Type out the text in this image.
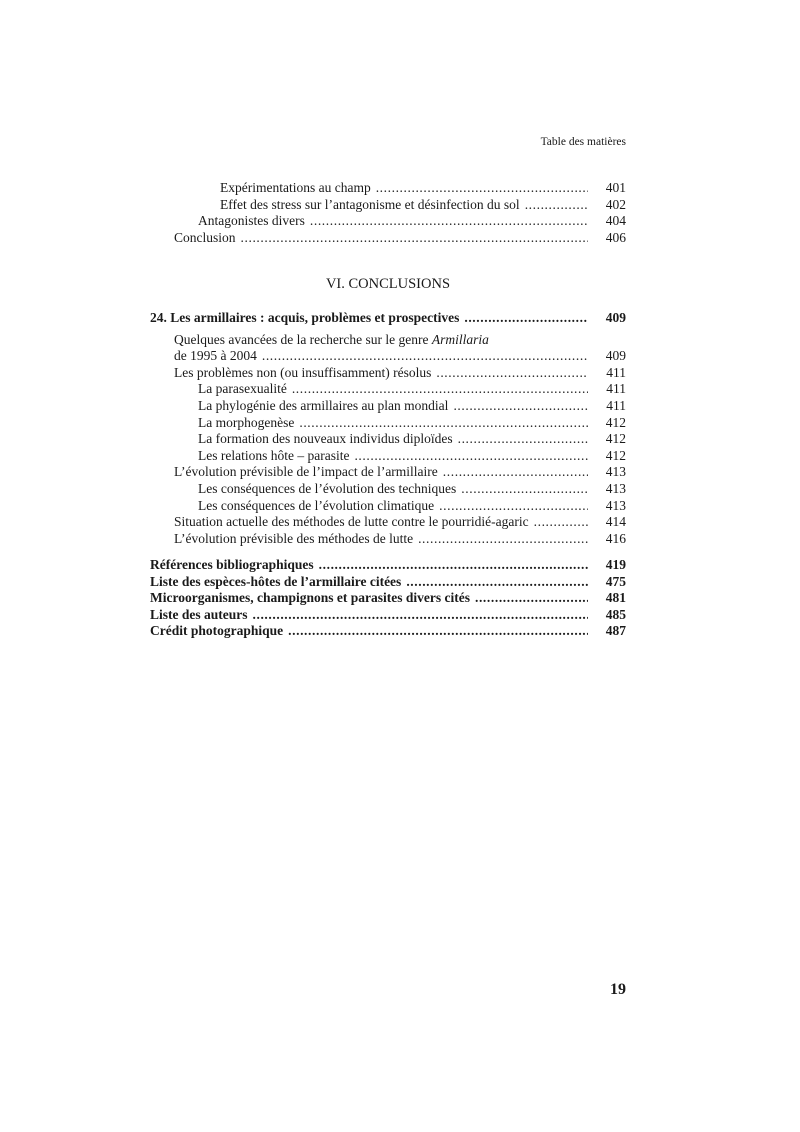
Table des matières
Expérimentations au champ .....	401
Effet des stress sur l’antagonisme et désinfection du sol .....	402
Antagonistes divers .....	404
Conclusion .....	406
VI. CONCLUSIONS
24. Les armillaires : acquis, problèmes et prospectives .....	409
Quelques avancées de la recherche sur le genre Armillaria
de 1995 à 2004 .....	409
Les problèmes non (ou insuffisamment) résolus .....	411
La parasexualité .....	411
La phylogénie des armillaires au plan mondial .....	411
La morphogenèse .....	412
La formation des nouveaux individus diploïdes .....	412
Les relations hôte – parasite .....	412
L’évolution prévisible de l’impact de l’armillaire .....	413
Les conséquences de l’évolution des techniques .....	413
Les conséquences de l’évolution climatique .....	413
Situation actuelle des méthodes de lutte contre le pourridié-agaric .....	414
L’évolution prévisible des méthodes de lutte .....	416
Références bibliographiques .....	419
Liste des espèces-hôtes de l’armillaire citées .....	475
Microorganismes, champignons et parasites divers cités .....	481
Liste des auteurs .....	485
Crédit photographique .....	487
19
